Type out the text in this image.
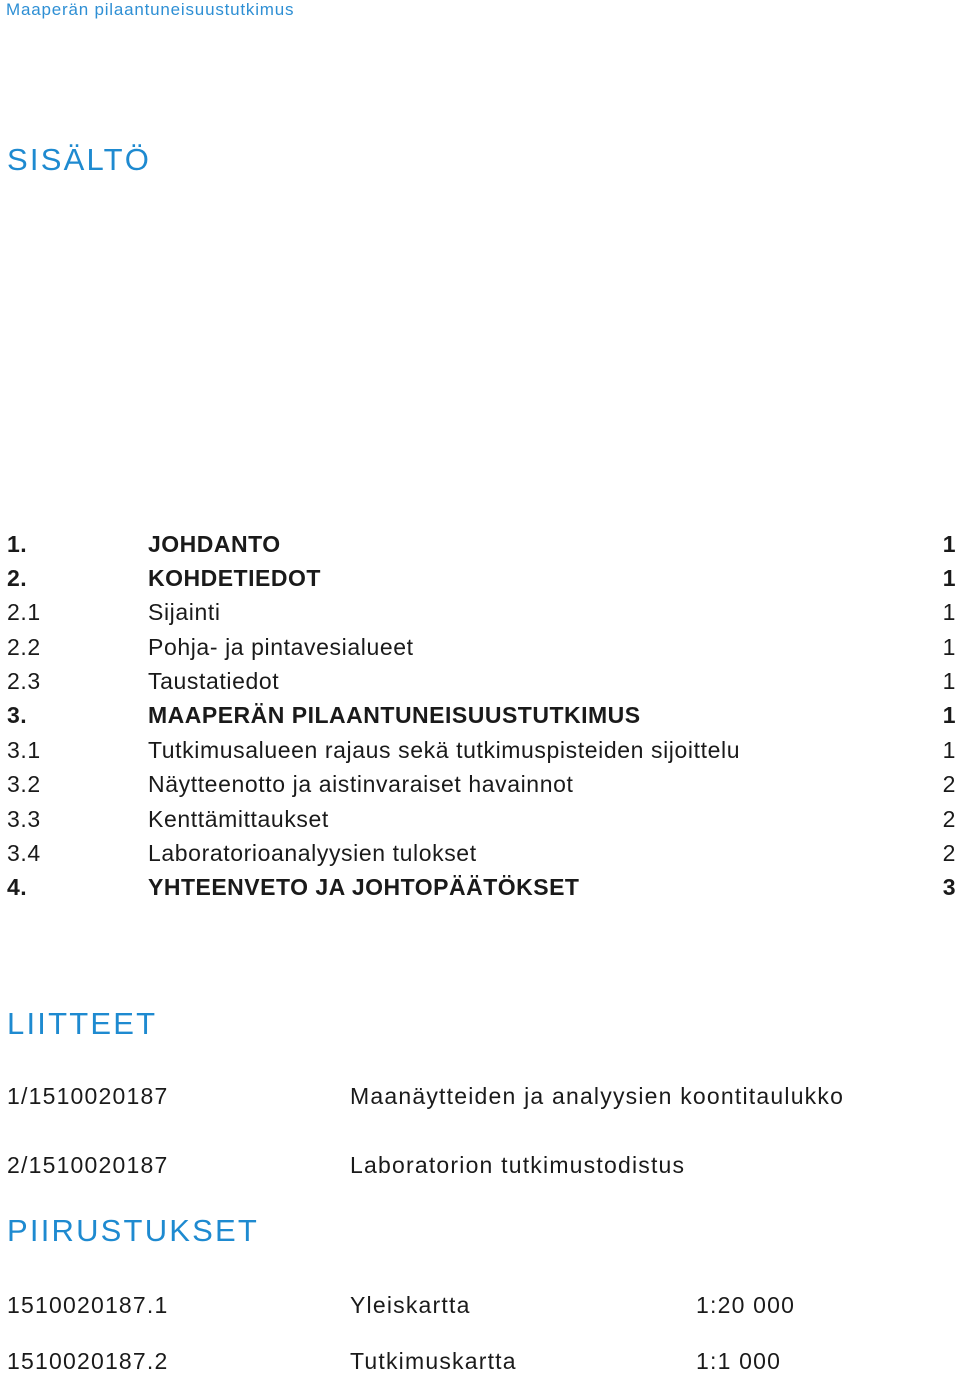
Maaperän pilaantuneisuustutkimus
SISÄLTÖ
1.	JOHDANTO	1
2.	KOHDETIEDOT	1
2.1	Sijainti	1
2.2	Pohja- ja pintavesialueet	1
2.3	Taustatiedot	1
3.	MAAPERÄN PILAANTUNEISUUSTUTKIMUS	1
3.1	Tutkimusalueen rajaus sekä tutkimuspisteiden sijoittelu	1
3.2	Näytteenotto ja aistinvaraiset havainnot	2
3.3	Kenttämittaukset	2
3.4	Laboratorioanalyysien tulokset	2
4.	YHTEENVETO JA JOHTOPÄÄTÖKSET	3
LIITTEET
1/1510020187	Maanäytteiden ja analyysien koontitaulukko
2/1510020187	Laboratorion tutkimustodistus
PIIRUSTUKSET
1510020187.1	Yleiskartta	1:20 000
1510020187.2	Tutkimuskartta	1:1 000
